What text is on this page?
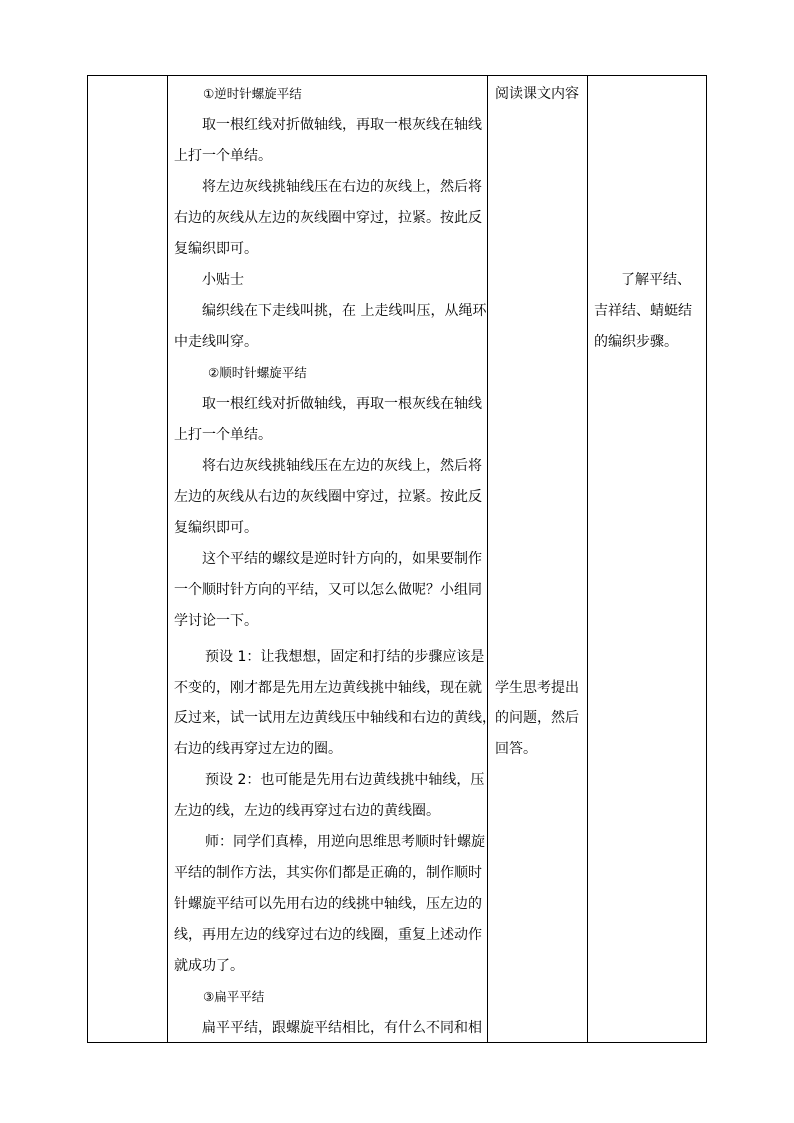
①逆时针螺旋平结
取一根红线对折做轴线，再取一根灰线在轴线
上打一个单结。
将左边灰线挑轴线压在右边的灰线上，然后将
右边的灰线从左边的灰线圈中穿过，拉紧。按此反
复编织即可。
小贴士
编织线在下走线叫挑，在 上走线叫压，从绳环
中走线叫穿。
②顺时针螺旋平结
取一根红线对折做轴线，再取一根灰线在轴线
上打一个单结。
将右边灰线挑轴线压在左边的灰线上，然后将
左边的灰线从右边的灰线圈中穿过，拉紧。按此反
复编织即可。
这个平结的螺纹是逆时针方向的，如果要制作
一个顺时针方向的平结，又可以怎么做呢？小组同
学讨论一下。
预设 1：让我想想，固定和打结的步骤应该是
不变的，刚才都是先用左边黄线挑中轴线，现在就
反过来，试一试用左边黄线压中轴线和右边的黄线，
右边的线再穿过左边的圈。
预设 2：也可能是先用右边黄线挑中轴线，压
左边的线，左边的线再穿过右边的黄线圈。
师：同学们真棒，用逆向思维思考顺时针螺旋
平结的制作方法，其实你们都是正确的，制作顺时
针螺旋平结可以先用右边的线挑中轴线，压左边的
线，再用左边的线穿过右边的线圈，重复上述动作
就成功了。
③扁平平结
扁平平结，跟螺旋平结相比，有什么不同和相
阅读课文内容
学生思考提出
的问题，然后
回答。
了解平结、
吉祥结、蜻蜓结
的编织步骤。
